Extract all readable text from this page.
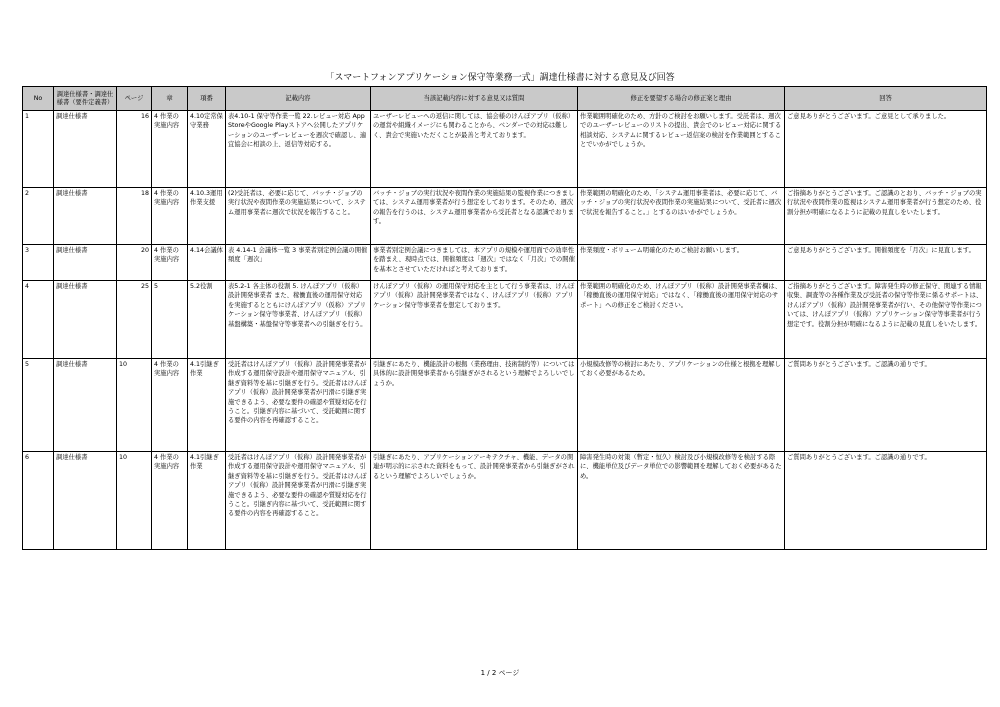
「スマートフォンアプリケーション保守等業務一式」調達仕様書に対する意見及び回答
No	調達仕様書・調達仕様書（要件定義書）	ページ	章	項番	記載内容	当該記載内容に対する意見又は質問	修正を要望する場合の修正案と理由	回答
1	調達仕様書	16	4 作業の実施内容	4.10定常保守業務	表4.10-1 保守等作業一覧 22.レビュー対応 App StoreやGoogle Playストアへ公開したアプリケーションのユーザーレビューを週次で確認し、適宜協会に相談の上、返信等対応する。	ユーザーレビューへの返信に関しては、協会様のけんぽアプリ（仮称）の運営や組織イメージにも関わることから、ベンダーでの対応は難しく、貴会で実施いただくことが最善と考えております。	作業範囲明確化のため、方針のご検討をお願いします。受託者は、週次でのユーザーレビューのリストの提出、貴会でのレビュー対応に関する相談対応、システムに関するレビュー返信案の検討を作業範囲とすることでいかがでしょうか。	ご意見ありがとうございます。ご意見として承りました。
2	調達仕様書	18	4 作業の実施内容	4.10.3運用作業支援	(2)受託者は、必要に応じて、バッチ・ジョブの実行状況や夜間作業の実施結果について、システム運用事業者に週次で状況を報告すること。	バッチ・ジョブの実行状況や夜間作業の実施結果の監視作業につきましては、システム運用事業者が行う想定をしております。そのため、週次の報告を行うのは、システム運用事業者から受託者となる認識でおります。	作業範囲の明確化のため、「システム運用事業者は、必要に応じて、バッチ・ジョブの実行状況や夜間作業の実施結果について、受託者に週次で状況を報告すること。」とするのはいかがでしょうか。	ご指摘ありがとうございます。ご認識のとおり、バッチ・ジョブの実行状況や夜間作業の監視はシステム運用事業者が行う想定のため、役割分担が明確になるように記載の見直しをいたします。
3	調達仕様書	20	4 作業の実施内容	4.14会議体	表 4.14-1 会議体一覧 3 事業者別定例会議の開催頻度「週次」	事業者別定例会議につきましては、本アプリの規模や運用面での効率性を踏まえ、現時点では、開催頻度は「週次」ではなく「月次」での開催を基本とさせていただければと考えております。	作業頻度・ボリューム明確化のためご検討お願いします。	ご意見ありがとうございます。開催頻度を「月次」に見直します。
4	調達仕様書	25	5	5.2役割	表5.2-1 各主体の役割 5. けんぽアプリ（仮称）設計開発事業者 また、稼働直後の運用保守対応を実施するとともにけんぽアプリ（仮称）アプリケーション保守等事業者、けんぽアプリ（仮称）基盤構築・基盤保守等事業者への引継ぎを行う。	けんぽアプリ（仮称）の運用保守対応を主として行う事業者は、けんぽアプリ（仮称）設計開発事業者ではなく、けんぽアプリ（仮称）アプリケーション保守等事業者を想定しております。	作業範囲の明確化のため、けんぽアプリ（仮称）設計開発事業者欄は、「稼働直後の運用保守対応」ではなく、「稼働直後の運用保守対応のサポート」への修正をご検討ください。	ご指摘ありがとうございます。障害発生時の修正保守、関連する情報収集、調査等の各種作業及び受託者の保守等作業に係るサポートは、けんぽアプリ（仮称）設計開発事業者が行い、その他保守等作業については、けんぽアプリ（仮称）アプリケーション保守等事業者が行う想定です。役割分担が明確になるように記載の見直しをいたします。
5	調達仕様書	10	4 作業の実施内容	4.1引継ぎ作業	受託者はけんぽアプリ（仮称）設計開発事業者が作成する運用保守設計や運用保守マニュアル、引継ぎ資料等を基に引継ぎを行う。受託者はけんぽアプリ（仮称）設計開発事業者が円滑に引継ぎ実施できるよう、必要な要件の確認や質疑対応を行うこと。引継ぎ内容に基づいて、受託範囲に関する要件の内容を再確認すること。	引継ぎにあたり、機能設計の根拠（業務理由、技術制約等）については具体的に設計開発事業者から引継ぎがされるという理解でよろしいでしょうか。	小規模改修等の検討にあたり、アプリケーションの仕様と根拠を理解しておく必要があるため。	ご質問ありがとうございます。ご認識の通りです。
6	調達仕様書	10	4 作業の実施内容	4.1引継ぎ作業	受託者はけんぽアプリ（仮称）設計開発事業者が作成する運用保守設計や運用保守マニュアル、引継ぎ資料等を基に引継ぎを行う。受託者はけんぽアプリ（仮称）設計開発事業者が円滑に引継ぎ実施できるよう、必要な要件の確認や質疑対応を行うこと。引継ぎ内容に基づいて、受託範囲に関する要件の内容を再確認すること。	引継ぎにあたり、アプリケーションアーキテクチャ、機能、データの関連が明示的に示された資料をもって、設計開発事業者から引継ぎがされるという理解でよろしいでしょうか。	障害発生時の対策（暫定・恒久）検討及び小規模改修等を検討する際に、機能単位及びデータ単位での影響範囲を理解しておく必要があるため。	ご質問ありがとうございます。ご認識の通りです。
1 / 2 ページ
